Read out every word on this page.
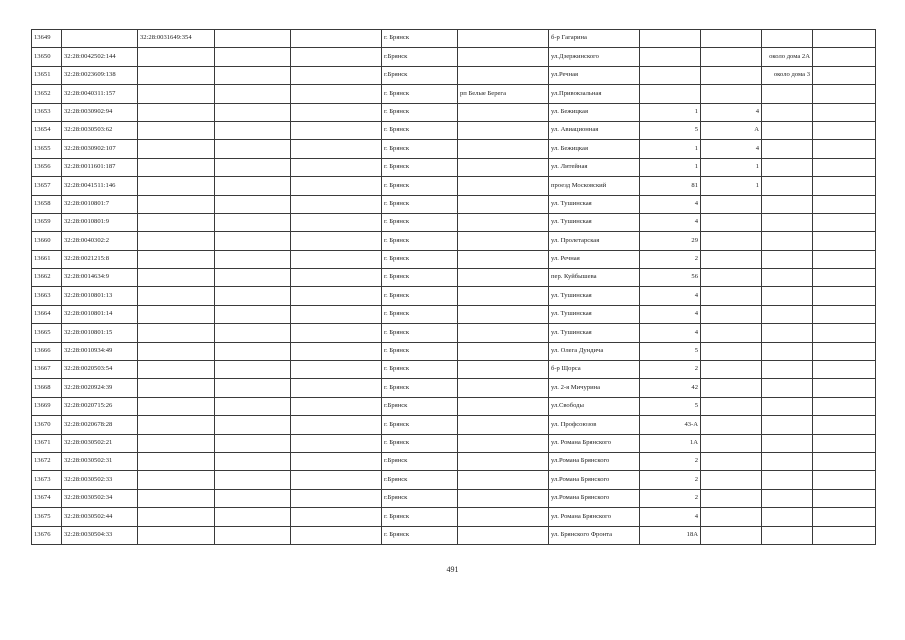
13649		32:28:0031649:354			г. Брянск		б-р Гагарина				
13650	32:28:0042502:144				г.Брянск		ул.Дзержинского			около дома 2А	
13651	32:28:0023609:138				г.Брянск		ул.Речная			около дома 3	
13652	32:28:0040311:157				г. Брянск	рп Белые Берега	ул.Привокзальная				
13653	32:28:0030902:94				г. Брянск		ул. Бежицкая	1	4		
13654	32:28:0030503:62				г. Брянск		ул. Авиационная	5	А		
13655	32:28:0030902:107				г. Брянск		ул. Бежицкая	1	4		
13656	32:28:0011601:187				г. Брянск		ул. Литейная	1	1		
13657	32:28:0041511:146				г. Брянск		проезд Московский	81	1		
13658	32:28:0010801:7				г. Брянск		ул. Тушинская	4			
13659	32:28:0010801:9				г. Брянск		ул. Тушинская	4			
13660	32:28:0040302:2				г. Брянск		ул. Пролетарская	29			
13661	32:28:0021215:8				г. Брянск		ул. Речная	2			
13662	32:28:0014634:9				г. Брянск		пер. Куйбышева	56			
13663	32:28:0010801:13				г. Брянск		ул. Тушинская	4			
13664	32:28:0010801:14				г. Брянск		ул. Тушинская	4			
13665	32:28:0010801:15				г. Брянск		ул. Тушинская	4			
13666	32:28:0010934:49				г. Брянск		ул. Олега Дундича	5			
13667	32:28:0020503:54				г. Брянск		б-р Щорса	2			
13668	32:28:0020924:39				г. Брянск		ул. 2-я Мичурина	42			
13669	32:28:0020715:26				г.Брянск		ул.Свободы	5			
13670	32:28:0020678:28				г. Брянск		ул. Профсоюзов	43-А			
13671	32:28:0030502:21				г. Брянск		ул. Романа Брянского	1А			
13672	32:28:0030502:31				г.Брянск		ул.Романа Брянского	2			
13673	32:28:0030502:33				г.Брянск		ул.Романа Брянского	2			
13674	32:28:0030502:34				г.Брянск		ул.Романа Брянского	2			
13675	32:28:0030502:44				г. Брянск		ул. Романа Брянского	4			
13676	32:28:0030504:33				г. Брянск		ул. Брянского Фронта	18А			
491
